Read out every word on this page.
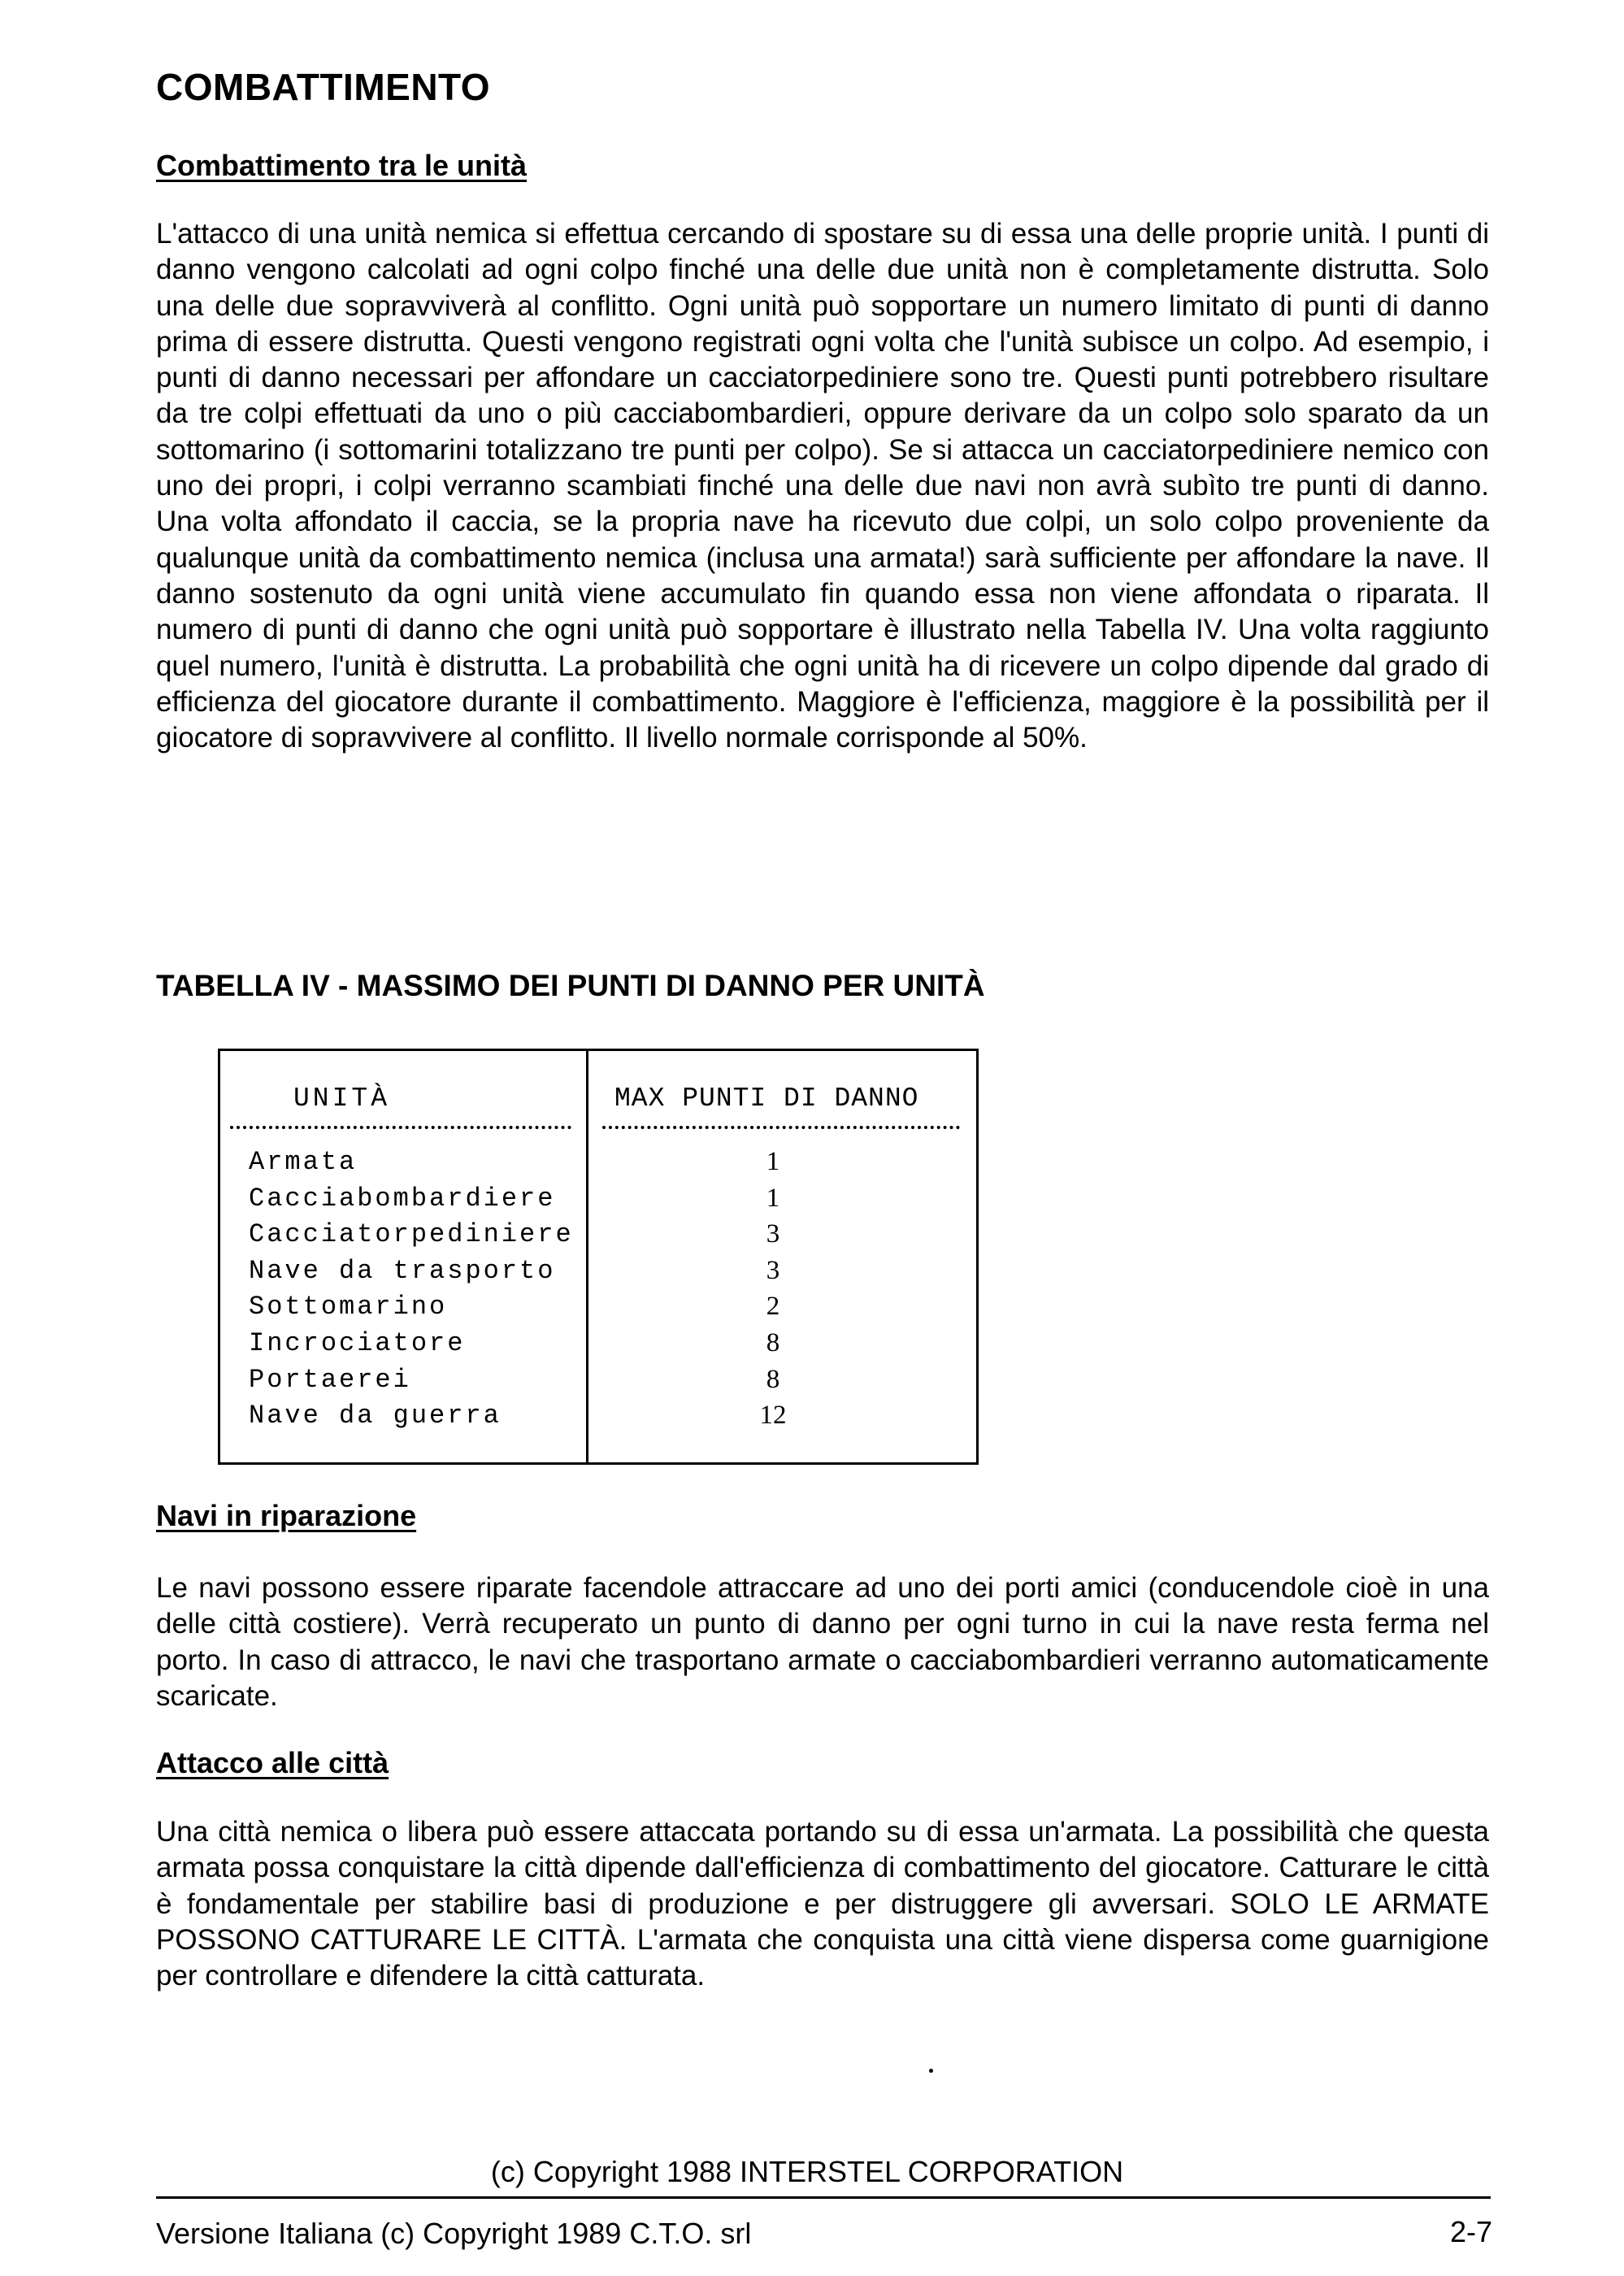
COMBATTIMENTO
Combattimento tra le unità
L'attacco di una unità nemica si effettua cercando di spostare su di essa una delle proprie unità. I punti di danno vengono calcolati ad ogni colpo finché una delle due unità non è completamente distrutta. Solo una delle due sopravviverà al conflitto. Ogni unità può sopportare un numero limitato di punti di danno prima di essere distrutta. Questi vengono registrati ogni volta che l'unità subisce un colpo. Ad esempio, i punti di danno necessari per affondare un cacciatorpediniere sono tre. Questi punti potrebbero risultare da tre colpi effettuati da uno o più cacciabombardieri, oppure derivare da un colpo solo sparato da un sottomarino (i sottomarini totalizzano tre punti per colpo). Se si attacca un cacciatorpediniere nemico con uno dei propri, i colpi verranno scambiati finché una delle due navi non avrà subìto tre punti di danno. Una volta affondato il caccia, se la propria nave ha ricevuto due colpi, un solo colpo proveniente da qualunque unità da combattimento nemica (inclusa una armata!) sarà sufficiente per affondare la nave. Il danno sostenuto da ogni unità viene accumulato fin quando essa non viene affondata o riparata. Il numero di punti di danno che ogni unità può sopportare è illustrato nella Tabella IV. Una volta raggiunto quel numero, l'unità è distrutta. La probabilità che ogni unità ha di ricevere un colpo dipende dal grado di efficienza del giocatore durante il combattimento. Maggiore è l'efficienza, maggiore è la possibilità per il giocatore di sopravvivere al conflitto. Il livello normale corrisponde al 50%.
TABELLA IV - MASSIMO DEI PUNTI DI DANNO PER UNITÀ
UNITÀ	MAX PUNTI DI DANNO
Armata	1
Cacciabombardiere	1
Cacciatorpediniere	3
Nave da trasporto	3
Sottomarino	2
Incrociatore	8
Portaerei	8
Nave da guerra	12
Navi in riparazione
Le navi possono essere riparate facendole attraccare ad uno dei porti amici (conducendole cioè in una delle città costiere). Verrà recuperato un punto di danno per ogni turno in cui la nave resta ferma nel porto. In caso di attracco, le navi che trasportano armate o cacciabombardieri verranno automaticamente scaricate.
Attacco alle città
Una città nemica o libera può essere attaccata portando su di essa un'armata. La possibilità che questa armata possa conquistare la città dipende dall'efficienza di combattimento del giocatore. Catturare le città è fondamentale per stabilire basi di produzione e per distruggere gli avversari. SOLO LE ARMATE POSSONO CATTURARE LE CITTÀ. L'armata che conquista una città viene dispersa come guarnigione per controllare e difendere la città catturata.
(c) Copyright 1988 INTERSTEL CORPORATION
Versione Italiana (c) Copyright 1989 C.T.O. srl	2-7
